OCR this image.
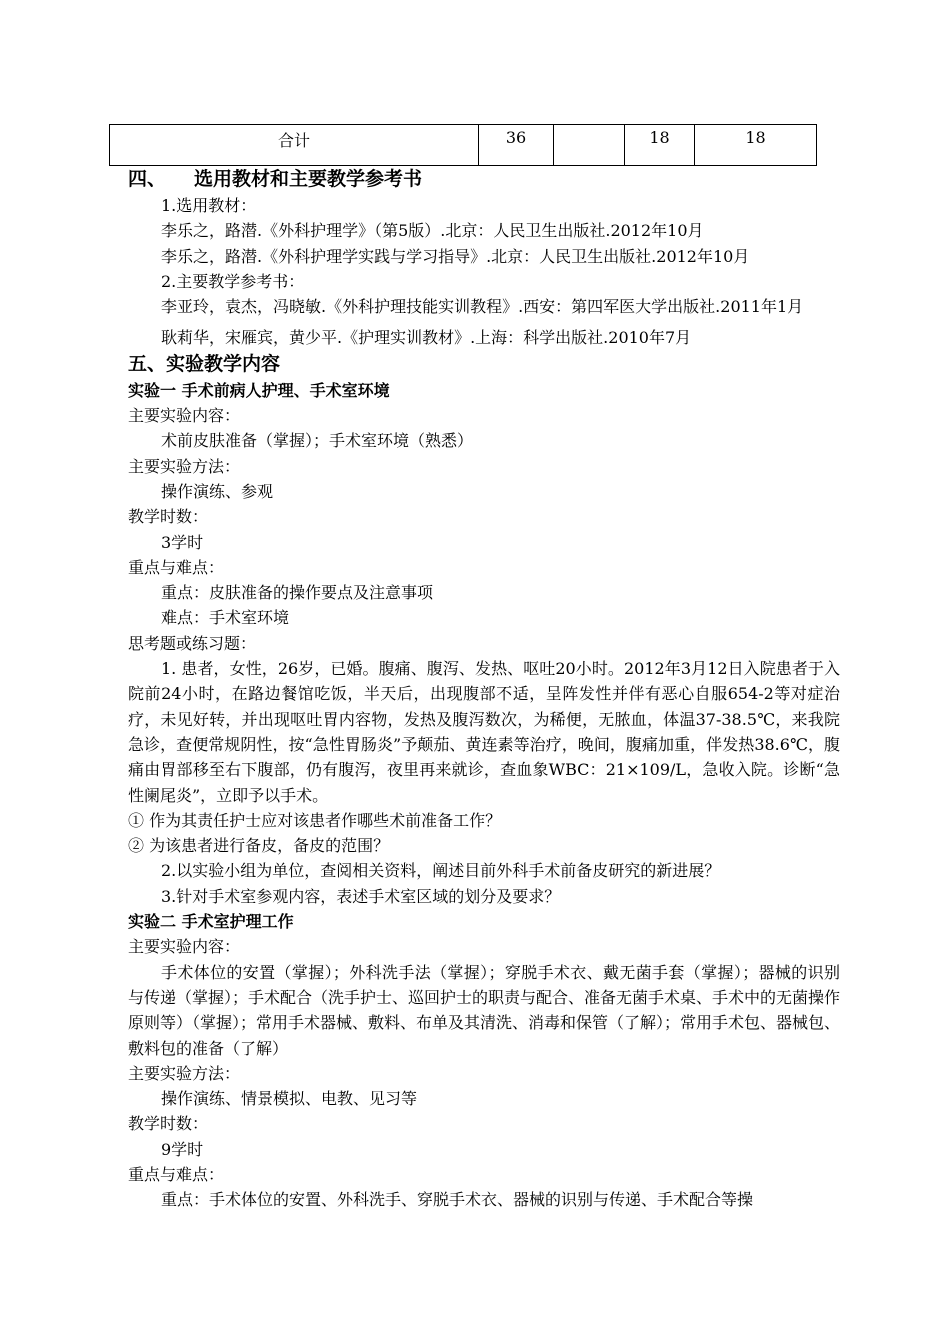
合计	36		18	18

四、 选用教材和主要教学参考书

1.选用教材：

李乐之，路潜.《外科护理学》（第5版）.北京：人民卫生出版社.2012年10月

李乐之，路潜.《外科护理学实践与学习指导》.北京：人民卫生出版社.2012年10月

2.主要教学参考书：

李亚玲，袁杰，冯晓敏.《外科护理技能实训教程》.西安：第四军医大学出版社.2011年1月

耿莉华，宋雁宾，黄少平.《护理实训教材》.上海：科学出版社.2010年7月

五、实验教学内容

实验一 手术前病人护理、手术室环境

主要实验内容：

术前皮肤准备（掌握）；手术室环境（熟悉）

主要实验方法：

操作演练、参观

教学时数：

3学时

重点与难点：

重点：皮肤准备的操作要点及注意事项

难点：手术室环境

思考题或练习题：

1. 患者，女性，26岁，已婚。腹痛、腹泻、发热、呕吐20小时。2012年3月12日入院患者于入院前24小时，在路边餐馆吃饭，半天后，出现腹部不适，呈阵发性并伴有恶心自服654-2等对症治疗，未见好转，并出现呕吐胃内容物，发热及腹泻数次，为稀便，无脓血，体温37-38.5℃，来我院急诊，查便常规阴性，按“急性胃肠炎”予颠茄、黄连素等治疗，晚间，腹痛加重，伴发热38.6℃，腹痛由胃部移至右下腹部，仍有腹泻，夜里再来就诊，查血象WBC：21×109/L，急收入院。诊断“急性阑尾炎”，立即予以手术。

① 作为其责任护士应对该患者作哪些术前准备工作？

② 为该患者进行备皮，备皮的范围？

2.以实验小组为单位，查阅相关资料，阐述目前外科手术前备皮研究的新进展？

3.针对手术室参观内容，表述手术室区域的划分及要求？

实验二 手术室护理工作

主要实验内容：

手术体位的安置（掌握）；外科洗手法（掌握）；穿脱手术衣、戴无菌手套（掌握）；器械的识别与传递（掌握）；手术配合（洗手护士、巡回护士的职责与配合、准备无菌手术桌、手术中的无菌操作原则等）（掌握）；常用手术器械、敷料、布单及其清洗、消毒和保管（了解）；常用手术包、器械包、敷料包的准备（了解）

主要实验方法：

操作演练、情景模拟、电教、见习等

教学时数：

9学时

重点与难点：

重点：手术体位的安置、外科洗手、穿脱手术衣、器械的识别与传递、手术配合等操
